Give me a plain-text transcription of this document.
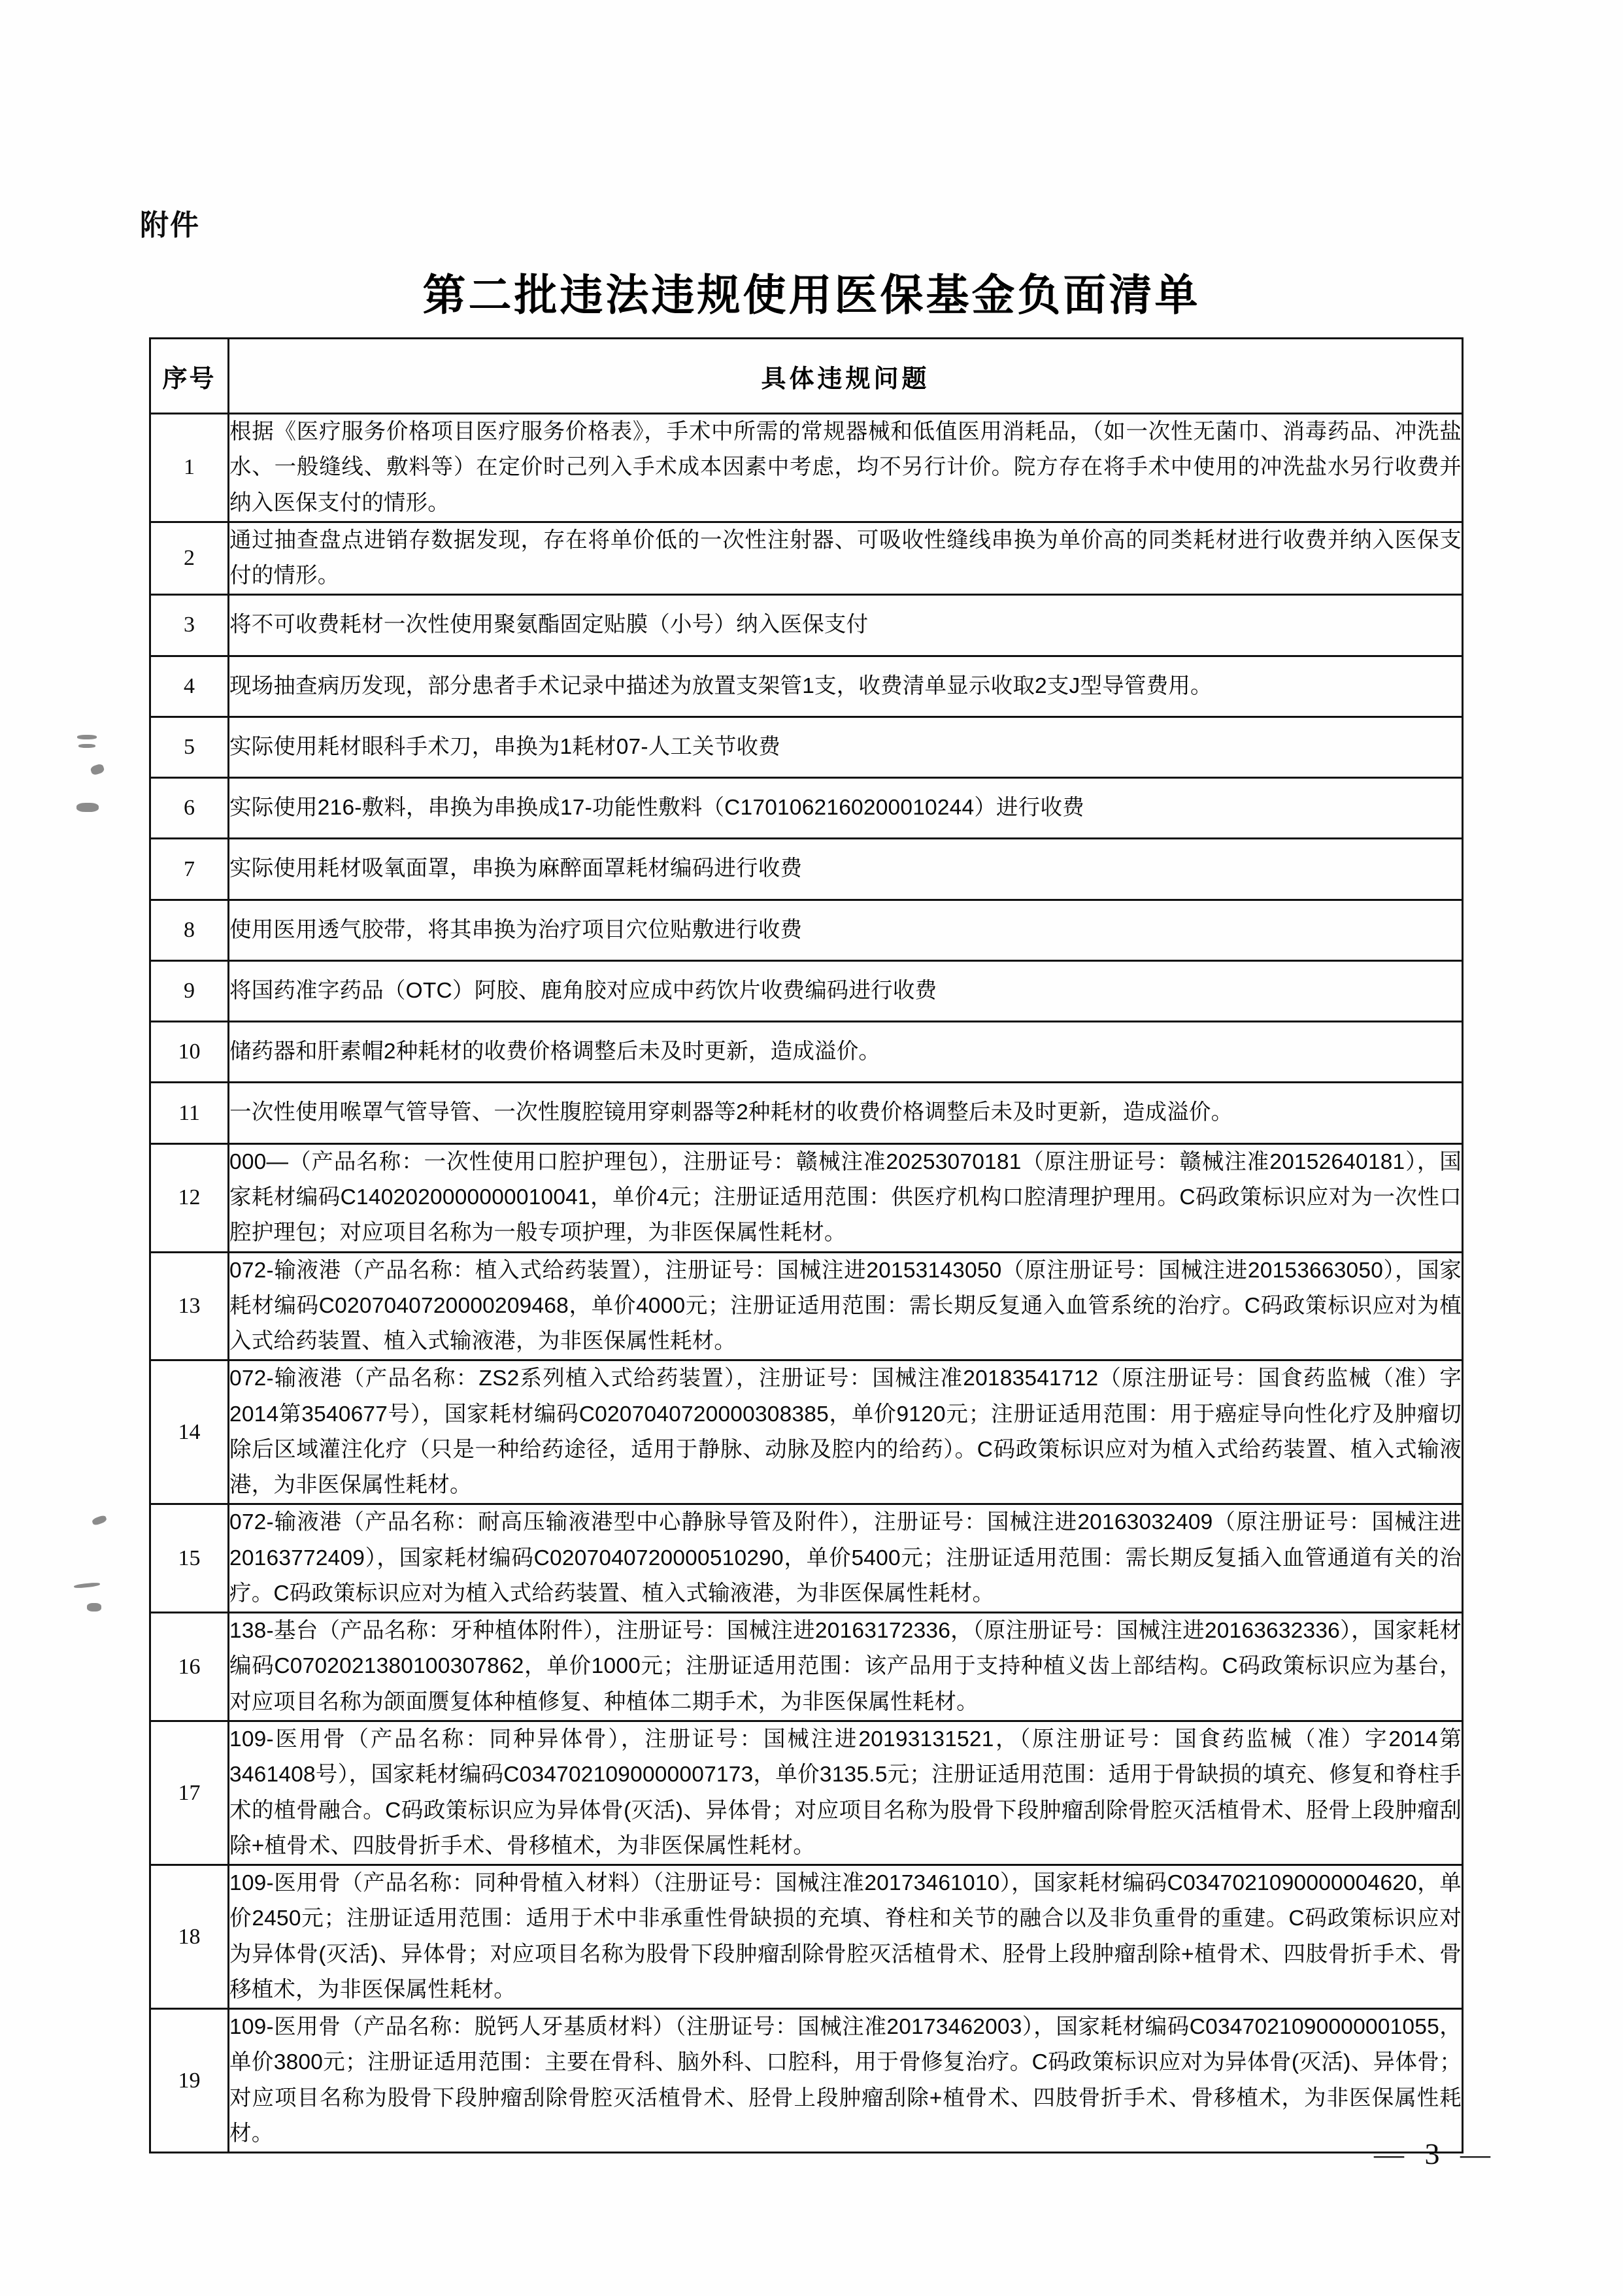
附件
第二批违法违规使用医保基金负面清单
序号	具体违规问题
1	根据《医疗服务价格项目医疗服务价格表》，手术中所需的常规器械和低值医用消耗品，（如一次性无菌巾、消毒药品、冲洗盐水、一般缝线、敷料等）在定价时己列入手术成本因素中考虑，均不另行计价。院方存在将手术中使用的冲洗盐水另行收费并纳入医保支付的情形。
2	通过抽查盘点进销存数据发现，存在将单价低的一次性注射器、可吸收性缝线串换为单价高的同类耗材进行收费并纳入医保支付的情形。
3	将不可收费耗材一次性使用聚氨酯固定贴膜（小号）纳入医保支付
4	现场抽查病历发现，部分患者手术记录中描述为放置支架管1支，收费清单显示收取2支J型导管费用。
5	实际使用耗材眼科手术刀，串换为1耗材07-人工关节收费
6	实际使用216-敷料，串换为串换成17-功能性敷料（C1701062160200010244）进行收费
7	实际使用耗材吸氧面罩，串换为麻醉面罩耗材编码进行收费
8	使用医用透气胶带，将其串换为治疗项目穴位贴敷进行收费
9	将国药准字药品（OTC）阿胶、鹿角胶对应成中药饮片收费编码进行收费
10	储药器和肝素帽2种耗材的收费价格调整后未及时更新，造成溢价。
11	一次性使用喉罩气管导管、一次性腹腔镜用穿刺器等2种耗材的收费价格调整后未及时更新，造成溢价。
12	000—（产品名称：一次性使用口腔护理包），注册证号：赣械注准20253070181（原注册证号：赣械注准20152640181），国家耗材编码C1402020000000010041，单价4元；注册证适用范围：供医疗机构口腔清理护理用。C码政策标识应对为一次性口腔护理包；对应项目名称为一般专项护理，为非医保属性耗材。
13	072-输液港（产品名称：植入式给药装置），注册证号：国械注进20153143050（原注册证号：国械注进20153663050），国家耗材编码C0207040720000209468，单价4000元；注册证适用范围：需长期反复通入血管系统的治疗。C码政策标识应对为植入式给药装置、植入式输液港，为非医保属性耗材。
14	072-输液港（产品名称：ZS2系列植入式给药装置），注册证号：国械注准20183541712（原注册证号：国食药监械（准）字2014第3540677号），国家耗材编码C0207040720000308385，单价9120元；注册证适用范围：用于癌症导向性化疗及肿瘤切除后区域灌注化疗（只是一种给药途径，适用于静脉、动脉及腔内的给药）。C码政策标识应对为植入式给药装置、植入式输液港，为非医保属性耗材。
15	072-输液港（产品名称：耐高压输液港型中心静脉导管及附件），注册证号：国械注进20163032409（原注册证号：国械注进20163772409），国家耗材编码C0207040720000510290，单价5400元；注册证适用范围：需长期反复插入血管通道有关的治疗。C码政策标识应对为植入式给药装置、植入式输液港，为非医保属性耗材。
16	138-基台（产品名称：牙种植体附件），注册证号：国械注进20163172336，（原注册证号：国械注进20163632336），国家耗材编码C0702021380100307862，单价1000元；注册证适用范围：该产品用于支持种植义齿上部结构。C码政策标识应为基台，对应项目名称为颌面赝复体种植修复、种植体二期手术，为非医保属性耗材。
17	109-医用骨（产品名称：同种异体骨），注册证号：国械注进20193131521，（原注册证号：国食药监械（准）字2014第3461408号），国家耗材编码C0347021090000007173，单价3135.5元；注册证适用范围：适用于骨缺损的填充、修复和脊柱手术的植骨融合。C码政策标识应为异体骨(灭活)、异体骨；对应项目名称为股骨下段肿瘤刮除骨腔灭活植骨术、胫骨上段肿瘤刮除+植骨术、四肢骨折手术、骨移植术，为非医保属性耗材。
18	109-医用骨（产品名称：同种骨植入材料）（注册证号：国械注准20173461010），国家耗材编码C0347021090000004620，单价2450元；注册证适用范围：适用于术中非承重性骨缺损的充填、脊柱和关节的融合以及非负重骨的重建。C码政策标识应对为异体骨(灭活)、异体骨；对应项目名称为股骨下段肿瘤刮除骨腔灭活植骨术、胫骨上段肿瘤刮除+植骨术、四肢骨折手术、骨移植术，为非医保属性耗材。
19	109-医用骨（产品名称：脱钙人牙基质材料）（注册证号：国械注准20173462003），国家耗材编码C0347021090000001055，单价3800元；注册证适用范围：主要在骨科、脑外科、口腔科，用于骨修复治疗。C码政策标识应对为异体骨(灭活)、异体骨；对应项目名称为股骨下段肿瘤刮除骨腔灭活植骨术、胫骨上段肿瘤刮除+植骨术、四肢骨折手术、骨移植术，为非医保属性耗材。
— 3 —
